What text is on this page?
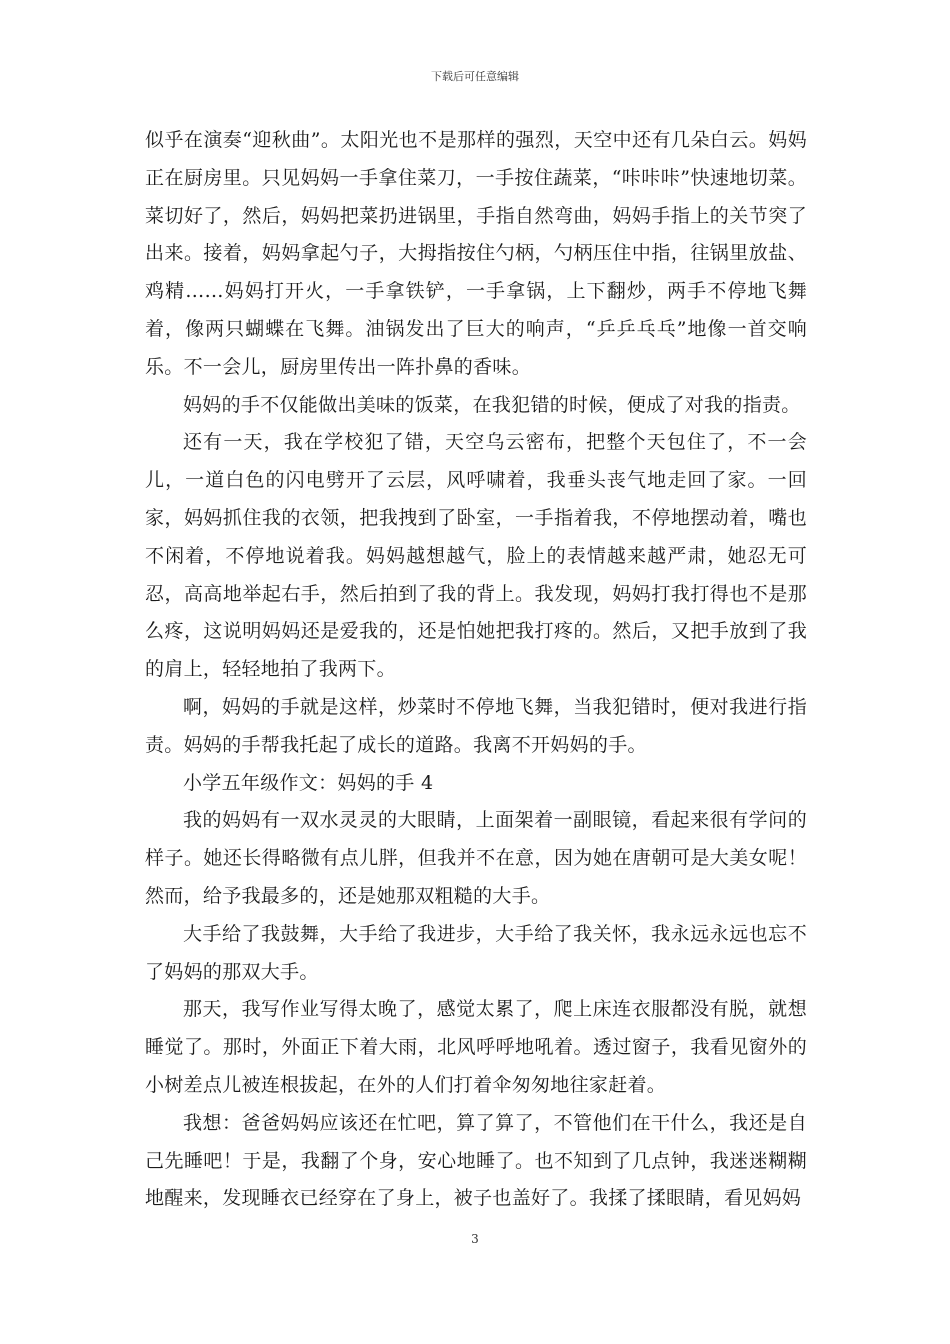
下载后可任意编辑

似乎在演奏“迎秋曲”。太阳光也不是那样的强烈，天空中还有几朵白云。妈妈正在厨房里。只见妈妈一手拿住菜刀，一手按住蔬菜，“咔咔咔”快速地切菜。菜切好了，然后，妈妈把菜扔进锅里，手指自然弯曲，妈妈手指上的关节突了出来。接着，妈妈拿起勺子，大拇指按住勺柄，勺柄压住中指，往锅里放盐、鸡精……妈妈打开火，一手拿铁铲，一手拿锅，上下翻炒，两手不停地飞舞着，像两只蝴蝶在飞舞。油锅发出了巨大的响声，“乒乒乓乓”地像一首交响乐。不一会儿，厨房里传出一阵扑鼻的香味。

妈妈的手不仅能做出美味的饭菜，在我犯错的时候，便成了对我的指责。

还有一天，我在学校犯了错，天空乌云密布，把整个天包住了，不一会儿，一道白色的闪电劈开了云层，风呼啸着，我垂头丧气地走回了家。一回家，妈妈抓住我的衣领，把我拽到了卧室，一手指着我，不停地摆动着，嘴也不闲着，不停地说着我。妈妈越想越气，脸上的表情越来越严肃，她忍无可忍，高高地举起右手，然后拍到了我的背上。我发现，妈妈打我打得也不是那么疼，这说明妈妈还是爱我的，还是怕她把我打疼的。然后，又把手放到了我的肩上，轻轻地拍了我两下。

啊，妈妈的手就是这样，炒菜时不停地飞舞，当我犯错时，便对我进行指责。妈妈的手帮我托起了成长的道路。我离不开妈妈的手。

小学五年级作文：妈妈的手 4

我的妈妈有一双水灵灵的大眼睛，上面架着一副眼镜，看起来很有学问的样子。她还长得略微有点儿胖，但我并不在意，因为她在唐朝可是大美女呢！然而，给予我最多的，还是她那双粗糙的大手。

大手给了我鼓舞，大手给了我进步，大手给了我关怀，我永远永远也忘不了妈妈的那双大手。

那天，我写作业写得太晚了，感觉太累了，爬上床连衣服都没有脱，就想睡觉了。那时，外面正下着大雨，北风呼呼地吼着。透过窗子，我看见窗外的小树差点儿被连根拔起，在外的人们打着伞匆匆地往家赶着。

我想：爸爸妈妈应该还在忙吧，算了算了，不管他们在干什么，我还是自己先睡吧！于是，我翻了个身，安心地睡了。也不知到了几点钟，我迷迷糊糊地醒来，发现睡衣已经穿在了身上，被子也盖好了。我揉了揉眼睛，看见妈妈

3
